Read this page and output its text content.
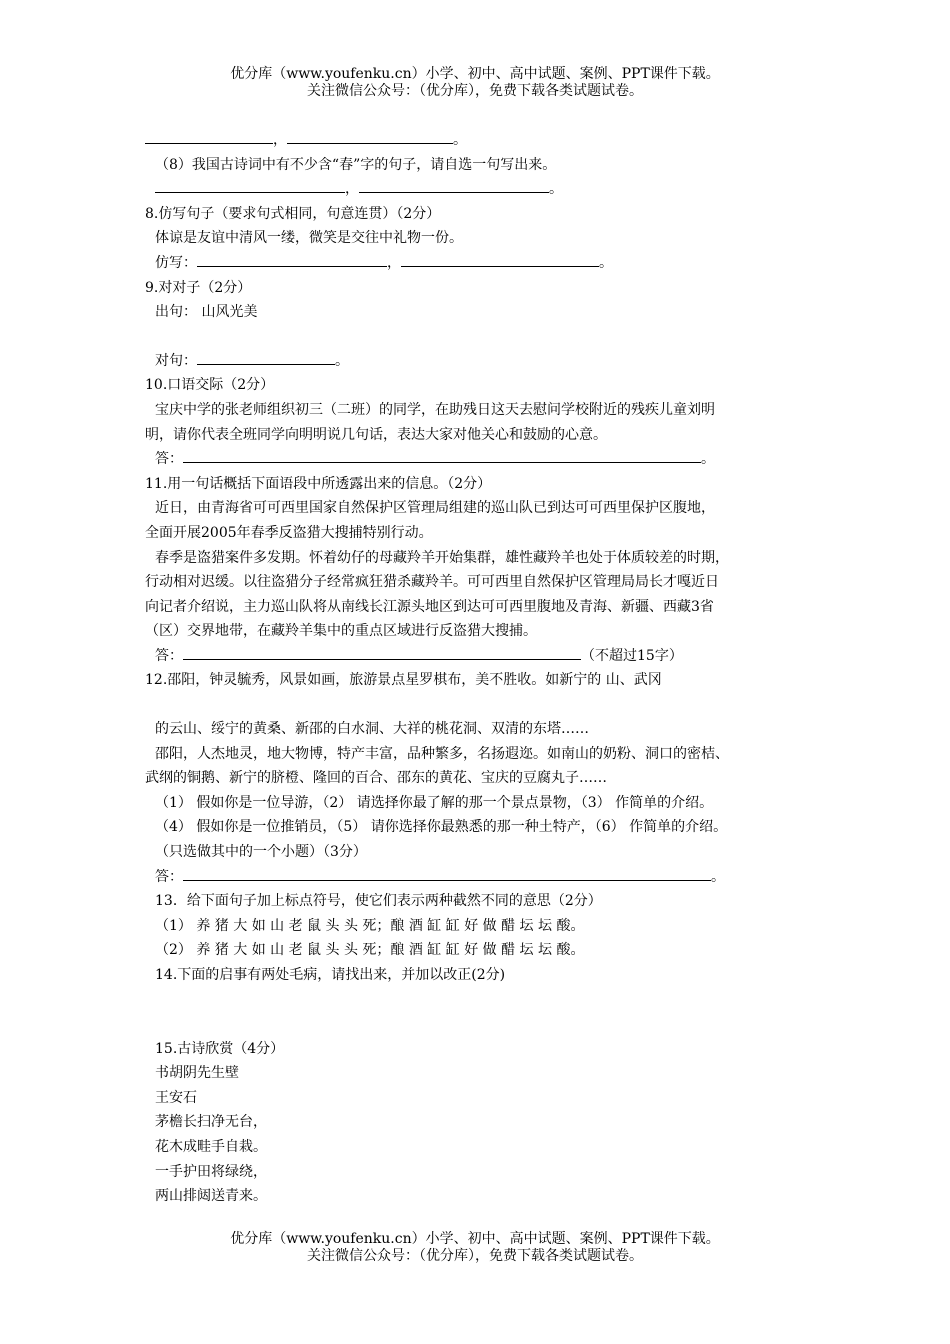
优分库（www.youfenku.cn）小学、初中、高中试题、案例、PPT课件下载。
关注微信公众号：（优分库），免费下载各类试题试卷。
，	。
（8）我国古诗词中有不少含“春”字的句子，请自选一句写出来。
，	。
8.仿写句子（要求句式相同，句意连贯）（2分）
体谅是友谊中清风一缕，微笑是交往中礼物一份。
仿写：	，	。
9.对对子（2分）
出句： 山风光美
对句：	。
10.口语交际（2分）
宝庆中学的张老师组织初三（二班）的同学，在助残日这天去慰问学校附近的残疾儿童刘明
明，请你代表全班同学向明明说几句话，表达大家对他关心和鼓励的心意。
答：	。
11.用一句话概括下面语段中所透露出来的信息。（2分）
近日，由青海省可可西里国家自然保护区管理局组建的巡山队已到达可可西里保护区腹地，
全面开展2005年春季反盗猎大搜捕特别行动。
春季是盗猎案件多发期。怀着幼仔的母藏羚羊开始集群，雄性藏羚羊也处于体质较差的时期，
行动相对迟缓。以往盗猎分子经常疯狂猎杀藏羚羊。可可西里自然保护区管理局局长才嘎近日
向记者介绍说，主力巡山队将从南线长江源头地区到达可可西里腹地及青海、新疆、西藏3省
（区）交界地带，在藏羚羊集中的重点区域进行反盗猎大搜捕。
答：	（不超过15字）
12.邵阳，钟灵毓秀，风景如画，旅游景点星罗棋布，美不胜收。如新宁的 山、武冈
的云山、绥宁的黄桑、新邵的白水洞、大祥的桃花洞、双清的东塔……
邵阳，人杰地灵，地大物博，特产丰富，品种繁多，名扬遐迩。如南山的奶粉、洞口的密桔、
武纲的铜鹅、新宁的脐橙、隆回的百合、邵东的黄花、宝庆的豆腐丸子……
（1） 假如你是一位导游，（2） 请选择你最了解的那一个景点景物，（3） 作简单的介绍。
（4） 假如你是一位推销员，（5） 请你选择你最熟悉的那一种土特产，（6） 作简单的介绍。
（只选做其中的一个小题）（3分）
答：	。
13．给下面句子加上标点符号，使它们表示两种截然不同的意思（2分）
（1） 养 猪 大 如 山 老 鼠 头 头 死；酿 酒 缸 缸 好 做 醋 坛 坛 酸。
（2） 养 猪 大 如 山 老 鼠 头 头 死；酿 酒 缸 缸 好 做 醋 坛 坛 酸。
14.下面的启事有两处毛病，请找出来，并加以改正(2分)
15.古诗欣赏（4分）
书胡阴先生壁
王安石
茅檐长扫净无台，
花木成畦手自栽。
一手护田将绿绕，
两山排闼送青来。
优分库（www.youfenku.cn）小学、初中、高中试题、案例、PPT课件下载。
关注微信公众号：（优分库），免费下载各类试题试卷。
